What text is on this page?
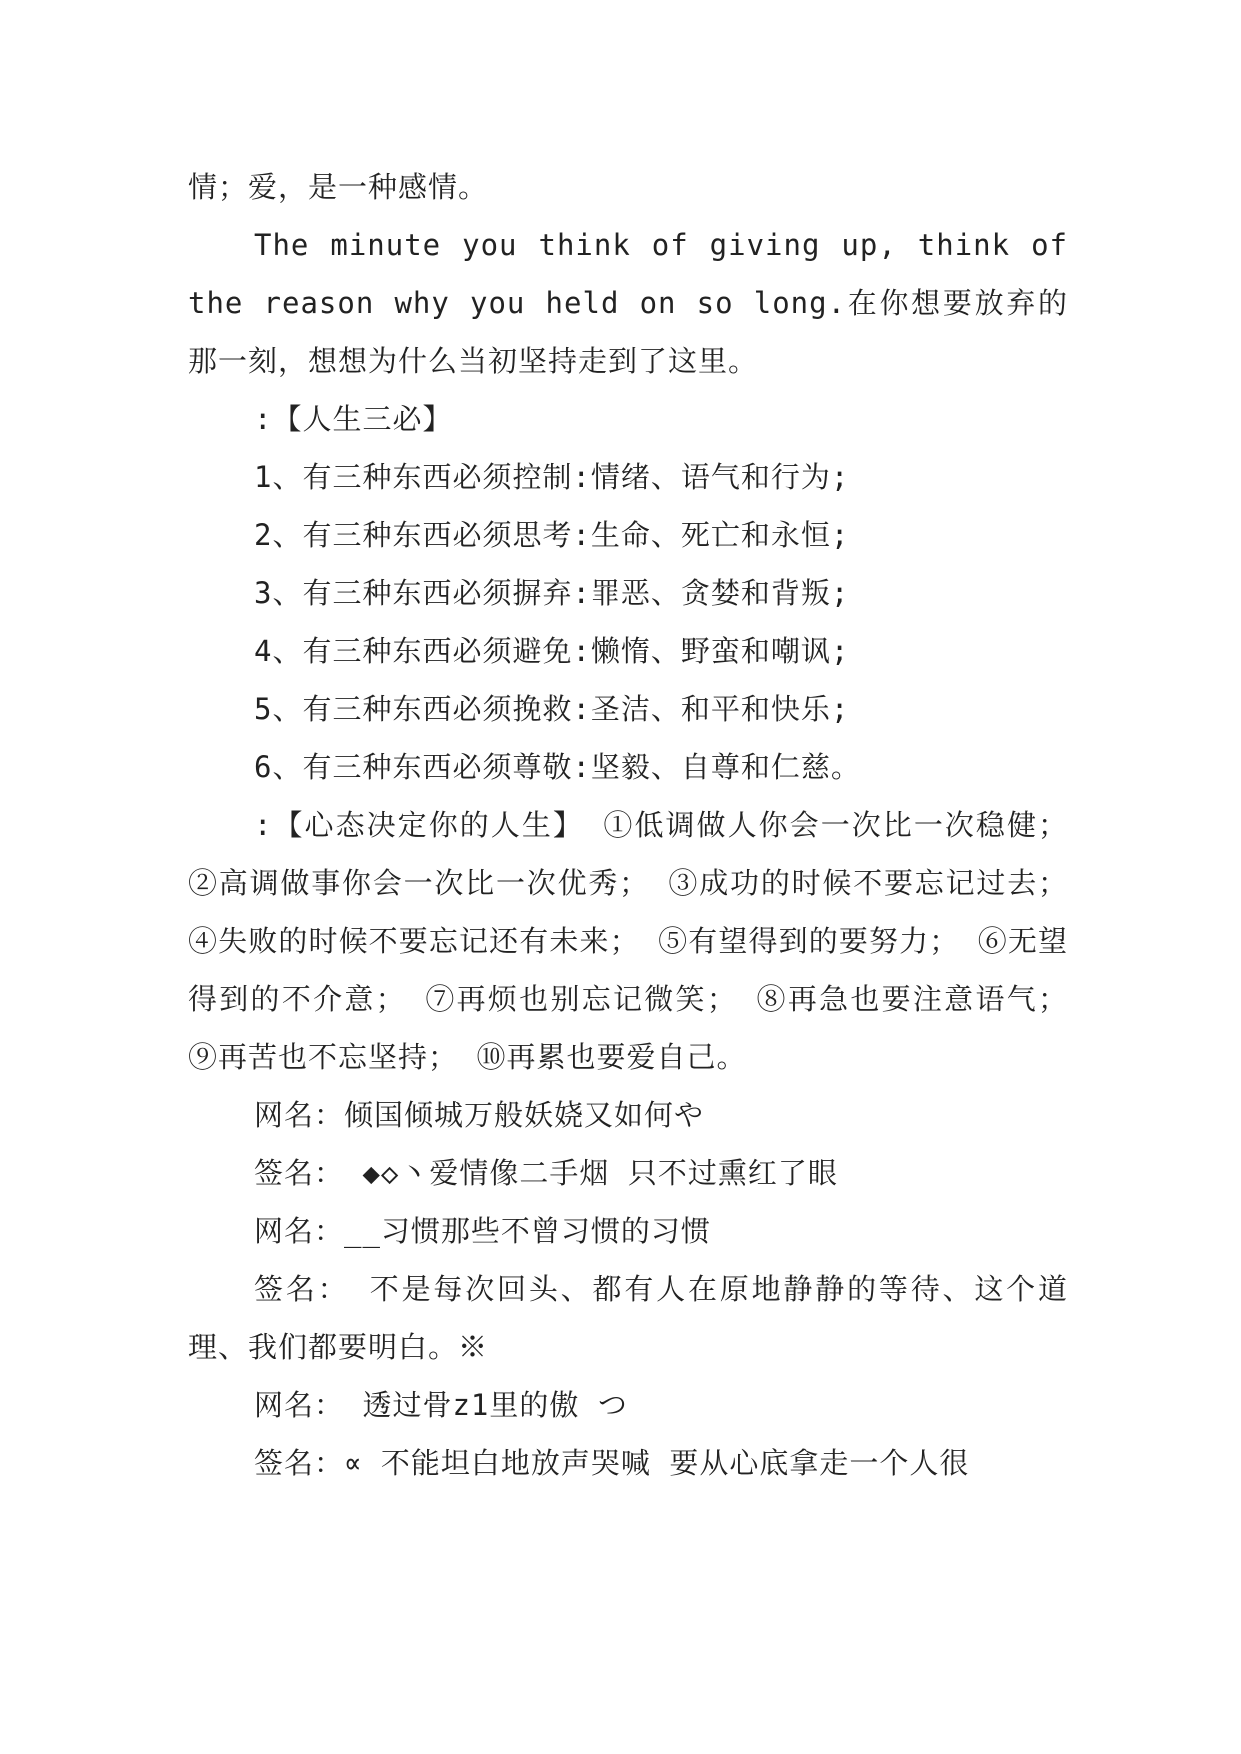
情；爱，是一种感情。

The minute you think of giving up, think of the reason why you held on so long.在你想要放弃的那一刻，想想为什么当初坚持走到了这里。

:【人生三必】

1、有三种东西必须控制:情绪、语气和行为;

2、有三种东西必须思考:生命、死亡和永恒;

3、有三种东西必须摒弃:罪恶、贪婪和背叛;

4、有三种东西必须避免:懒惰、野蛮和嘲讽;

5、有三种东西必须挽救:圣洁、和平和快乐;

6、有三种东西必须尊敬:坚毅、自尊和仁慈。

:【心态决定你的人生】 ①低调做人你会一次比一次稳健； ②高调做事你会一次比一次优秀； ③成功的时候不要忘记过去； ④失败的时候不要忘记还有未来； ⑤有望得到的要努力； ⑥无望得到的不介意； ⑦再烦也别忘记微笑； ⑧再急也要注意语气； ⑨再苦也不忘坚持； ⑩再累也要爱自己。

网名：倾国倾城万般妖娆又如何や

签名： ◆◇丶爱情像二手烟 只不过熏红了眼

网名：__习惯那些不曾习惯的习惯

签名： 不是每次回头、都有人在原地静静的等待、这个道理、我们都要明白。※

网名： 透过骨z1里的傲 つ

签名：∝ 不能坦白地放声哭喊 要从心底拿走一个人很
